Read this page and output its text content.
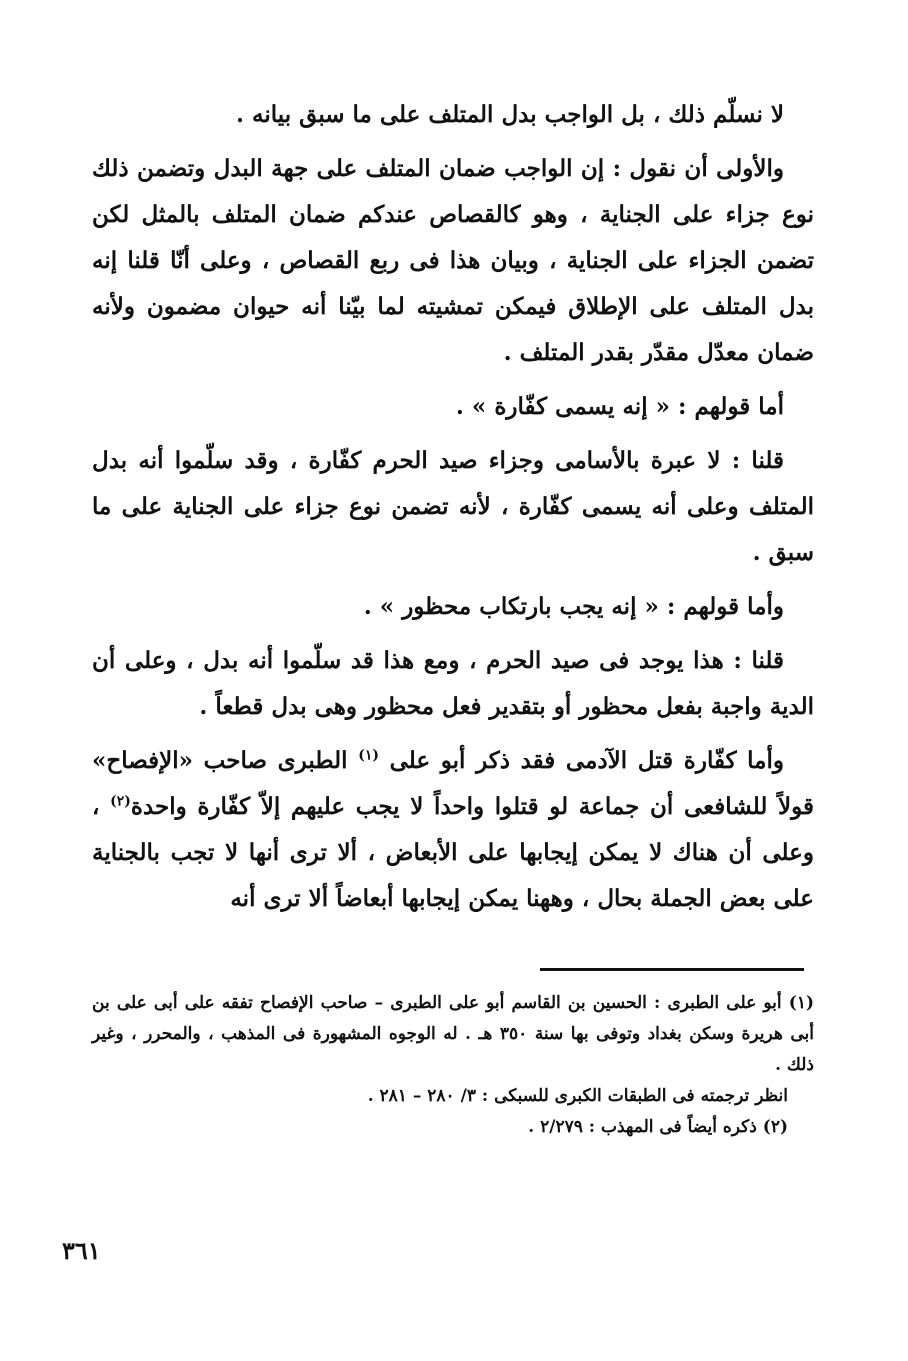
لا نسلّم ذلك ، بل الواجب بدل المتلف على ما سبق بيانه .

والأولى أن نقول : إن الواجب ضمان المتلف على جهة البدل وتضمن ذلك نوع جزاء على الجناية ، وهو كالقصاص عندكم ضمان المتلف بالمثل لكن تضمن الجزاء على الجناية ، وبيان هذا فى ربع القصاص ، وعلى أنّا قلنا إنه بدل المتلف على الإطلاق فيمكن تمشيته لما بيّنا أنه حيوان مضمون ولأنه ضمان معدّل مقدّر بقدر المتلف .

أما قولهم : « إنه يسمى كفّارة » .

قلنا : لا عبرة بالأسامى وجزاء صيد الحرم كفّارة ، وقد سلّموا أنه بدل المتلف وعلى أنه يسمى كفّارة ، لأنه تضمن نوع جزاء على الجناية على ما سبق .

وأما قولهم : « إنه يجب بارتكاب محظور » .

قلنا : هذا يوجد فى صيد الحرم ، ومع هذا قد سلّموا أنه بدل ، وعلى أن الدية واجبة بفعل محظور أو بتقدير فعل محظور وهى بدل قطعاً .

وأما كفّارة قتل الآدمى فقد ذكر أبو على $^{(١)}$ الطبرى صاحب «الإفصاح» قولاً للشافعى أن جماعة لو قتلوا واحداً لا يجب عليهم إلاّ كفّارة واحدة$^{(٢)}$ ، وعلى أن هناك لا يمكن إيجابها على الأبعاض ، ألا ترى أنها لا تجب بالجناية على بعض الجملة بحال ، وههنا يمكن إيجابها أبعاضاً ألا ترى أنه

(١) أبو على الطبرى : الحسين بن القاسم أبو على الطبرى – صاحب الإفصاح تفقه على أبى على بن أبى هريرة وسكن بغداد وتوفى بها سنة ٣٥٠ هـ . له الوجوه المشهورة فى المذهب ، والمحرر ، وغير ذلك .

انظر ترجمته فى الطبقات الكبرى للسبكى : ٣/ ٢٨٠ – ٢٨١ .

(٢) ذكره أيضاً فى المهذب : ٢/٢٧٩ .

٣٦١
